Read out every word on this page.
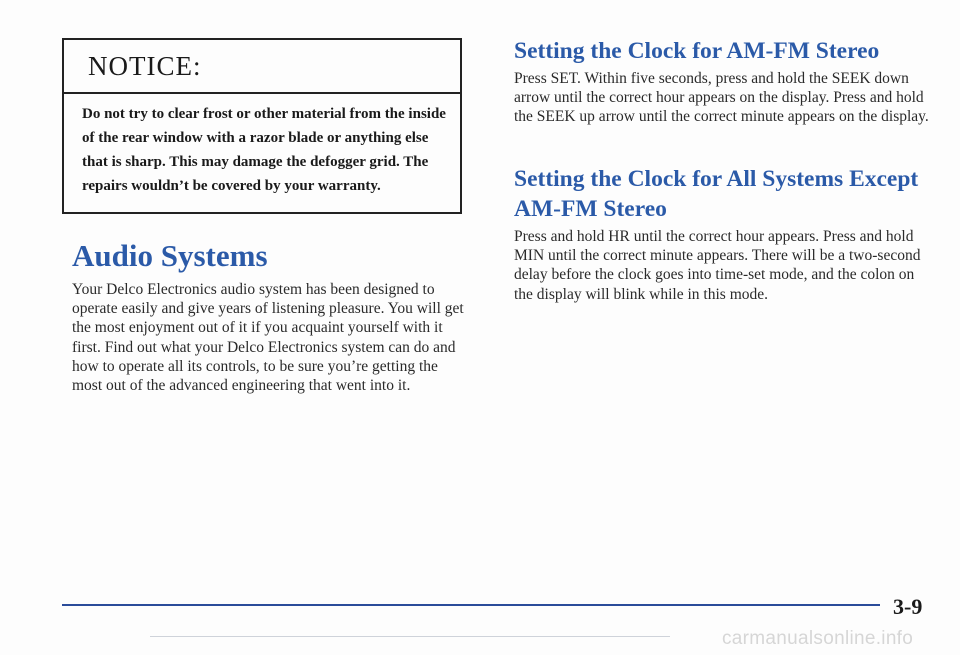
NOTICE:
Do not try to clear frost or other material from the inside of the rear window with a razor blade or anything else that is sharp. This may damage the defogger grid. The repairs wouldn’t be covered by your warranty.
Audio Systems

Your Delco Electronics audio system has been designed to operate easily and give years of listening pleasure. You will get the most enjoyment out of it if you acquaint yourself with it first. Find out what your Delco Electronics system can do and how to operate all its controls, to be sure you’re getting the most out of the advanced engineering that went into it.

Setting the Clock for AM-FM Stereo

Press SET. Within five seconds, press and hold the SEEK down arrow until the correct hour appears on the display. Press and hold the SEEK up arrow until the correct minute appears on the display.

Setting the Clock for All Systems Except AM-FM Stereo

Press and hold HR until the correct hour appears. Press and hold MIN until the correct minute appears. There will be a two-second delay before the clock goes into time-set mode, and the colon on the display will blink while in this mode.

3-9
carmanualsonline.info
